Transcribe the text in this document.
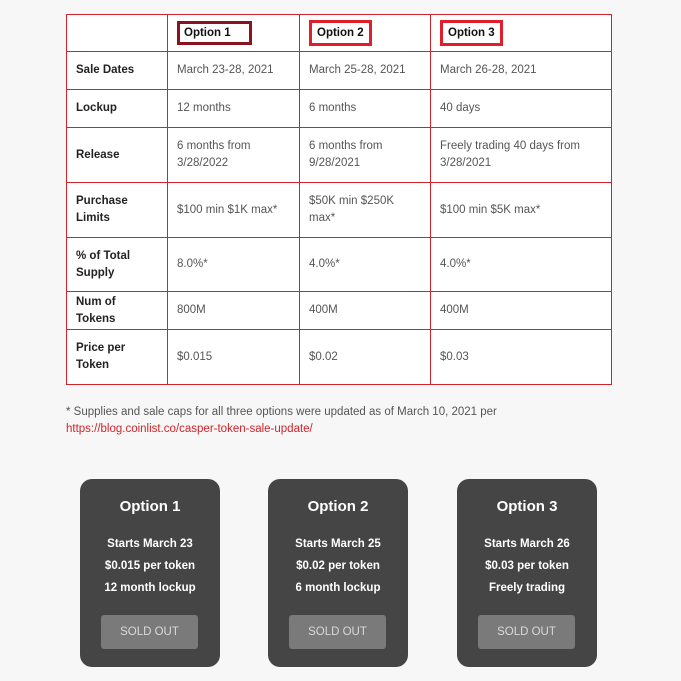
	Option 1	Option 2	Option 3
Sale Dates	March 23-28, 2021	March 25-28, 2021	March 26-28, 2021
Lockup	12 months	6 months	40 days
Release	6 months from 3/28/2022	6 months from 9/28/2021	Freely trading 40 days from 3/28/2021
Purchase Limits	$100 min $1K max*	$50K min $250K max*	$100 min $5K max*
% of Total Supply	8.0%*	4.0%*	4.0%*
Num of Tokens	800M	400M	400M
Price per Token	$0.015	$0.02	$0.03
* Supplies and sale caps for all three options were updated as of March 10, 2021 per https://blog.coinlist.co/casper-token-sale-update/
Option 1
Starts March 23
$0.015 per token
12 month lockup
SOLD OUT
Option 2
Starts March 25
$0.02 per token
6 month lockup
SOLD OUT
Option 3
Starts March 26
$0.03 per token
Freely trading
SOLD OUT
